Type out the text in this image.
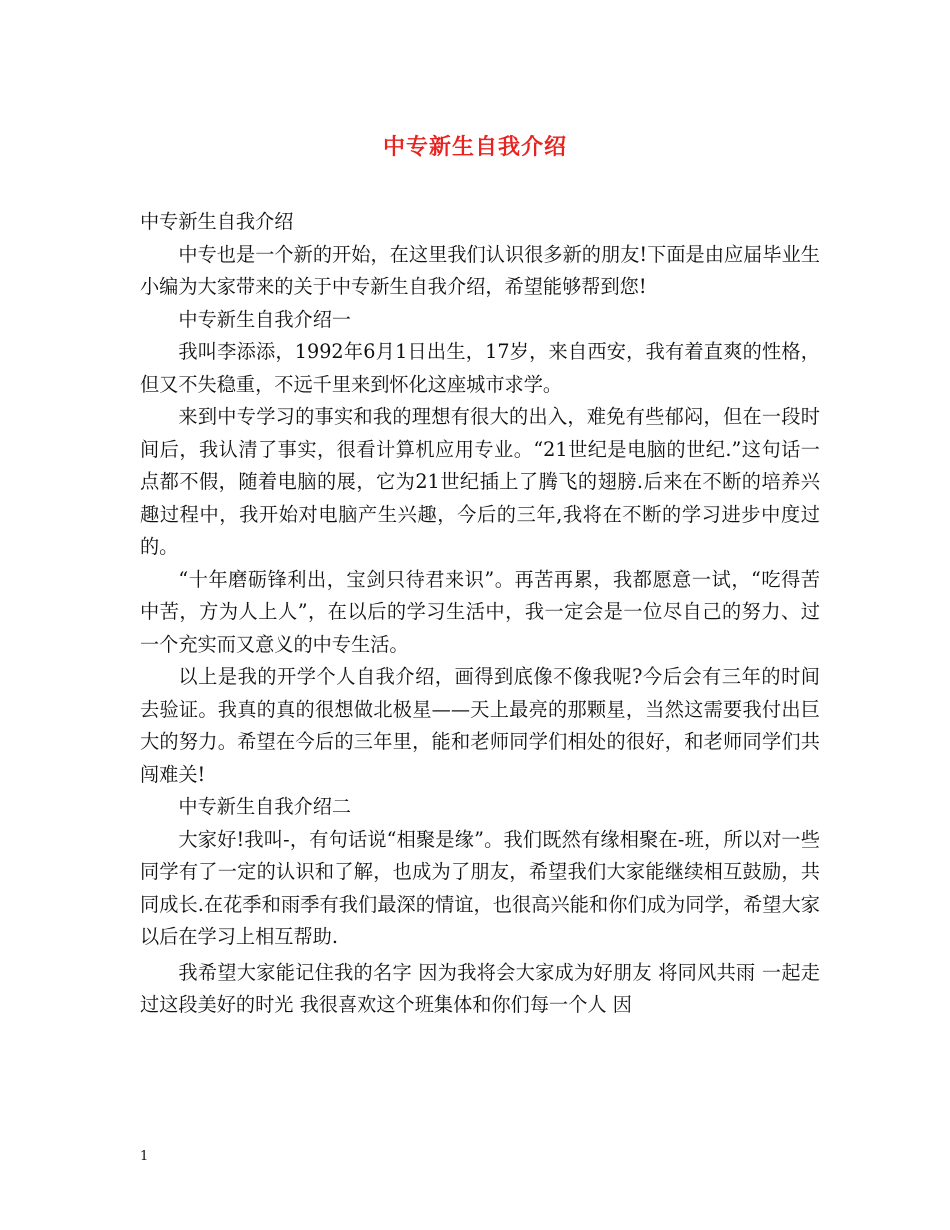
中专新生自我介绍

中专新生自我介绍

中专也是一个新的开始，在这里我们认识很多新的朋友!下面是由应届毕业生小编为大家带来的关于中专新生自我介绍，希望能够帮到您!

中专新生自我介绍一

我叫李添添，1992年6月1日出生，17岁，来自西安，我有着直爽的性格，但又不失稳重，不远千里来到怀化这座城市求学。

来到中专学习的事实和我的理想有很大的出入，难免有些郁闷，但在一段时间后，我认清了事实，很看计算机应用专业。“21世纪是电脑的世纪.”这句话一点都不假，随着电脑的展，它为21世纪插上了腾飞的翅膀.后来在不断的培养兴趣过程中，我开始对电脑产生兴趣，今后的三年,我将在不断的学习进步中度过的。

“十年磨砺锋利出，宝剑只待君来识”。再苦再累，我都愿意一试，“吃得苦中苦，方为人上人”，在以后的学习生活中，我一定会是一位尽自己的努力、过一个充实而又意义的中专生活。

以上是我的开学个人自我介绍，画得到底像不像我呢?今后会有三年的时间去验证。我真的真的很想做北极星——天上最亮的那颗星，当然这需要我付出巨大的努力。希望在今后的三年里，能和老师同学们相处的很好，和老师同学们共闯难关!

中专新生自我介绍二

大家好!我叫-，有句话说“相聚是缘”。我们既然有缘相聚在-班，所以对一些同学有了一定的认识和了解，也成为了朋友，希望我们大家能继续相互鼓励，共同成长.在花季和雨季有我们最深的情谊，也很高兴能和你们成为同学，希望大家以后在学习上相互帮助.

我希望大家能记住我的名字 因为我将会大家成为好朋友 将同风共雨 一起走过这段美好的时光 我很喜欢这个班集体和你们每一个人 因

1
